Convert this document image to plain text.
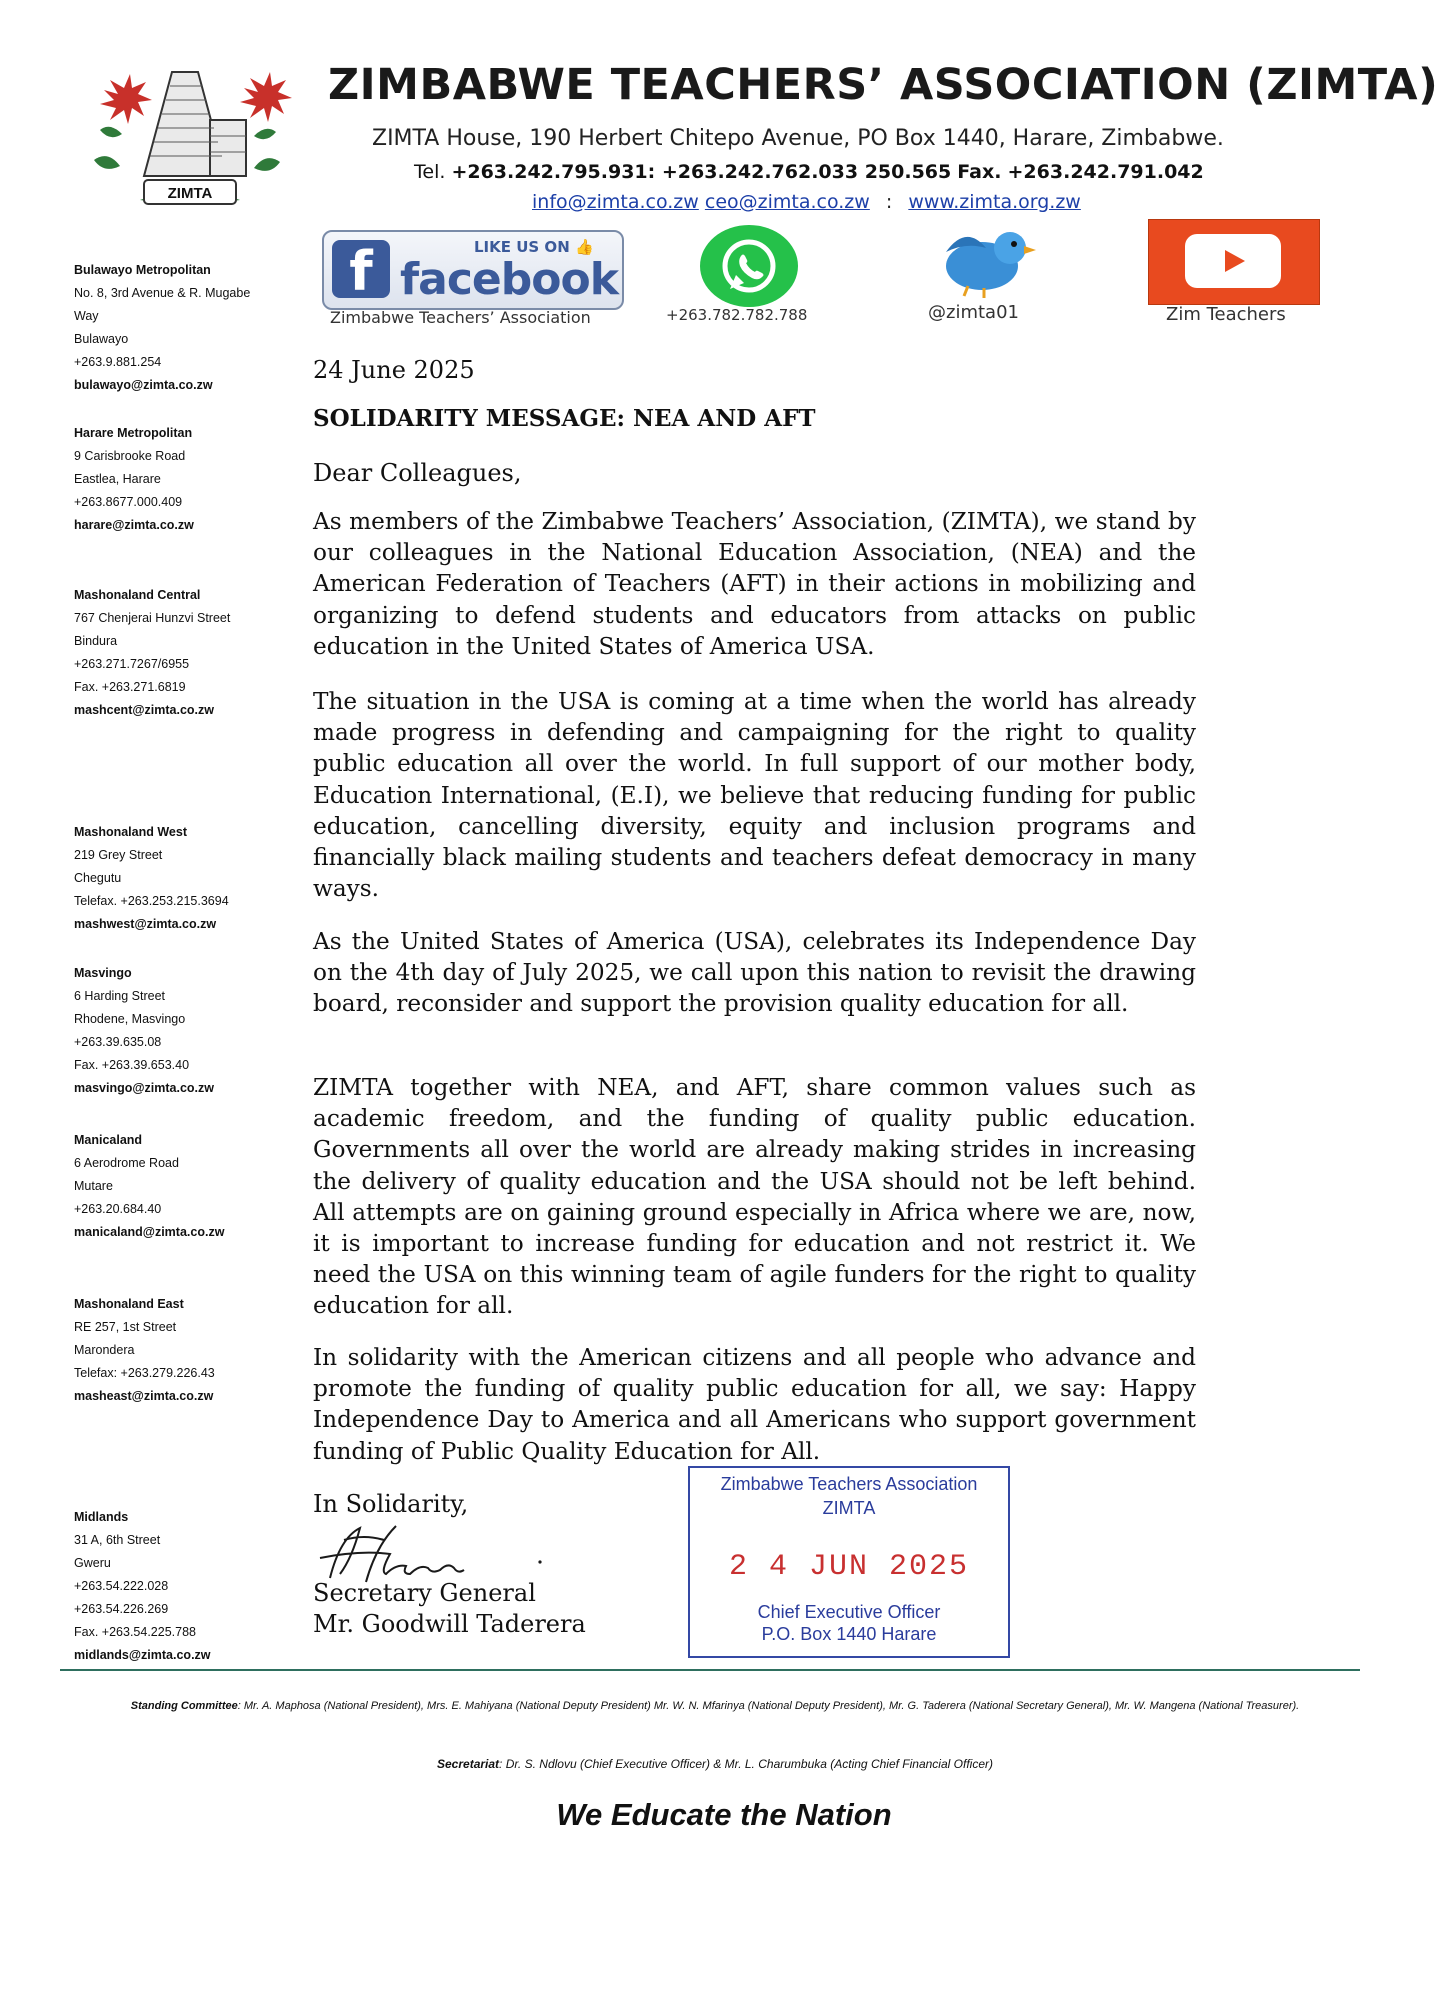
ZIMTA
ZIMBABWE TEACHERS’ ASSOCIATION (ZIMTA)
ZIMTA House, 190 Herbert Chitepo Avenue, PO Box 1440, Harare, Zimbabwe.
Tel. +263.242.795.931: +263.242.762.033 250.565 Fax. +263.242.791.042
info@zimta.co.zw ceo@zimta.co.zw : www.zimta.org.zw
f	LIKE US ON 👍
facebook
Zimbabwe Teachers’ Association	+263.782.782.788	@zimta01	Zim Teachers
Bulawayo Metropolitan
No. 8, 3rd Avenue & R. Mugabe
Way
Bulawayo
+263.9.881.254
bulawayo@zimta.co.zw
Harare Metropolitan
9 Carisbrooke Road
Eastlea, Harare
+263.8677.000.409
harare@zimta.co.zw
Mashonaland Central
767 Chenjerai Hunzvi Street
Bindura
+263.271.7267/6955
Fax. +263.271.6819
mashcent@zimta.co.zw
Mashonaland West
219 Grey Street
Chegutu
Telefax. +263.253.215.3694
mashwest@zimta.co.zw
Masvingo
6 Harding Street
Rhodene, Masvingo
+263.39.635.08
Fax. +263.39.653.40
masvingo@zimta.co.zw
Manicaland
6 Aerodrome Road
Mutare
+263.20.684.40
manicaland@zimta.co.zw
Mashonaland East
RE 257, 1st Street
Marondera
Telefax: +263.279.226.43
masheast@zimta.co.zw
Midlands
31 A, 6th Street
Gweru
+263.54.222.028
+263.54.226.269
Fax. +263.54.225.788
midlands@zimta.co.zw
24 June 2025
SOLIDARITY MESSAGE: NEA AND AFT
Dear Colleagues,
As members of the Zimbabwe Teachers’ Association, (ZIMTA), we stand by our colleagues in the National Education Association, (NEA) and the American Federation of Teachers (AFT) in their actions in mobilizing and organizing to defend students and educators from attacks on public education in the United States of America USA.
The situation in the USA is coming at a time when the world has already made progress in defending and campaigning for the right to quality public education all over the world. In full support of our mother body, Education International, (E.I), we believe that reducing funding for public education, cancelling diversity, equity and inclusion programs and financially black mailing students and teachers defeat democracy in many ways.
As the United States of America (USA), celebrates its Independence Day on the 4th day of July 2025, we call upon this nation to revisit the drawing board, reconsider and support the provision quality education for all.
ZIMTA together with NEA, and AFT, share common values such as academic freedom, and the funding of quality public education. Governments all over the world are already making strides in increasing the delivery of quality education and the USA should not be left behind. All attempts are on gaining ground especially in Africa where we are, now, it is important to increase funding for education and not restrict it. We need the USA on this winning team of agile funders for the right to quality education for all.
In solidarity with the American citizens and all people who advance and promote the funding of quality public education for all, we say: Happy Independence Day to America and all Americans who support government funding of Public Quality Education for All.
In Solidarity,
Secretary General
Mr. Goodwill Taderera
Zimbabwe Teachers Association
ZIMTA
2 4 JUN 2025
Chief Executive Officer
P.O. Box 1440 Harare
Standing Committee: Mr. A. Maphosa (National President), Mrs. E. Mahiyana (National Deputy President) Mr. W. N. Mfarinya (National Deputy President), Mr. G. Taderera (National Secretary General), Mr. W. Mangena (National Treasurer).
Secretariat: Dr. S. Ndlovu (Chief Executive Officer) & Mr. L. Charumbuka (Acting Chief Financial Officer)
We Educate the Nation
